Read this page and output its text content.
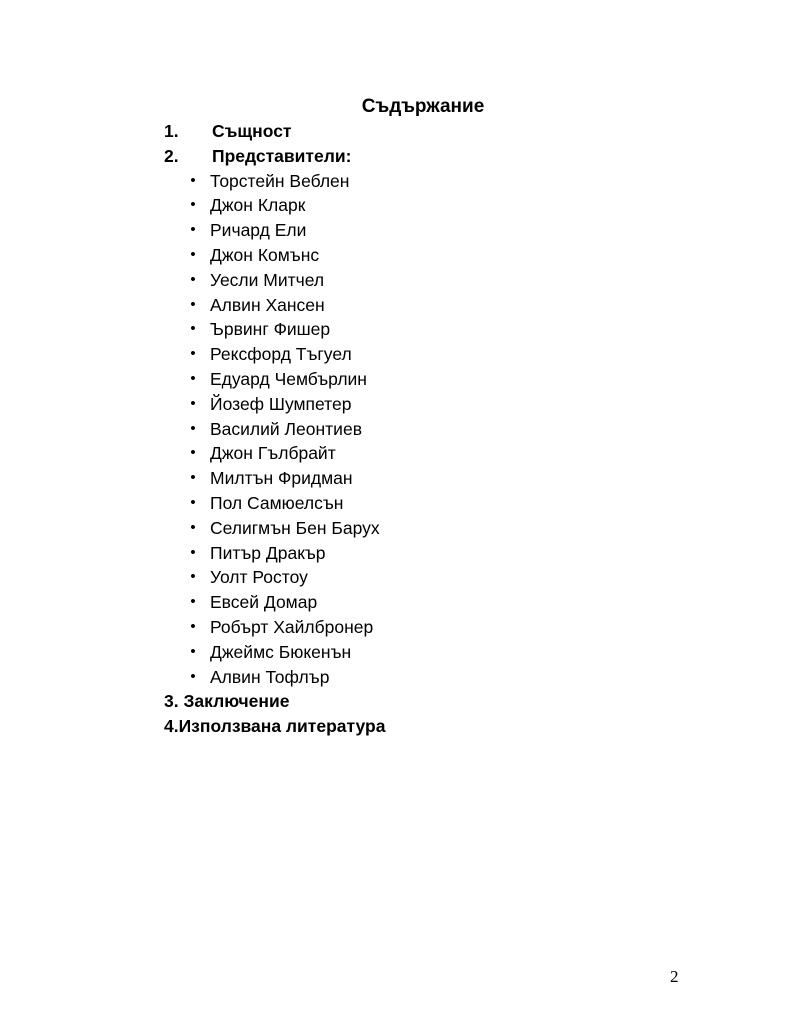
Съдържание
1. Същност
2. Представители:
• Торстейн Веблен
• Джон Кларк
• Ричард Ели
• Джон Комънс
• Уесли Митчел
• Алвин Хансен
• Ървинг Фишер
• Рексфорд Тъгуел
• Едуард Чембърлин
• Йозеф Шумпетер
• Василий Леонтиев
• Джон Гълбрайт
• Милтън Фридман
• Пол Самюелсън
• Селигмън Бен Барух
• Питър Дракър
• Уолт Ростоу
• Евсей Домар
• Робърт Хайлбронер
• Джеймс Бюкенън
• Алвин Тофлър
3. Заключение
4.Използвана литература
2
